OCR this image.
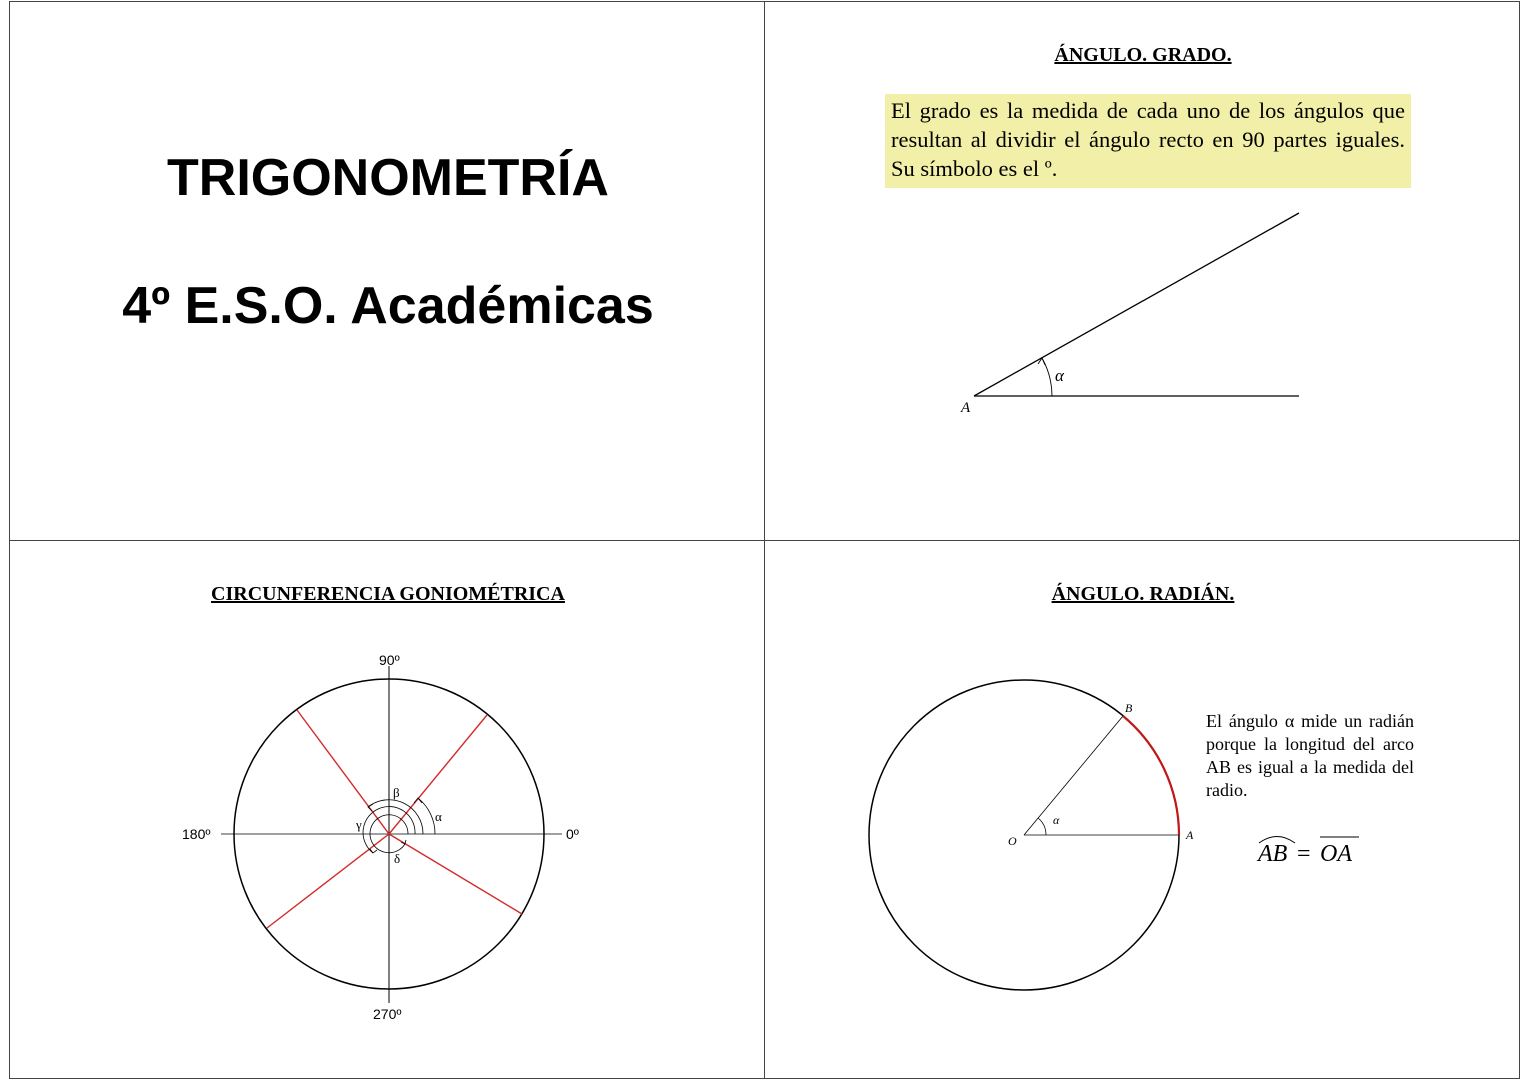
TRIGONOMETRÍA
4º E.S.O. Académicas
ÁNGULO. GRADO.
El grado es la medida de cada uno de los ángulos que resultan al dividir el ángulo recto en 90 partes iguales. Su símbolo es el º.
α
A
CIRCUNFERENCIA GONIOMÉTRICA
α
β
γ
δ
90º
180º	0º
270º
ÁNGULO. RADIÁN.
α
O	A
B
AB = OA
El ángulo α mide un radián porque la longitud del arco AB es igual a la medida del radio.
